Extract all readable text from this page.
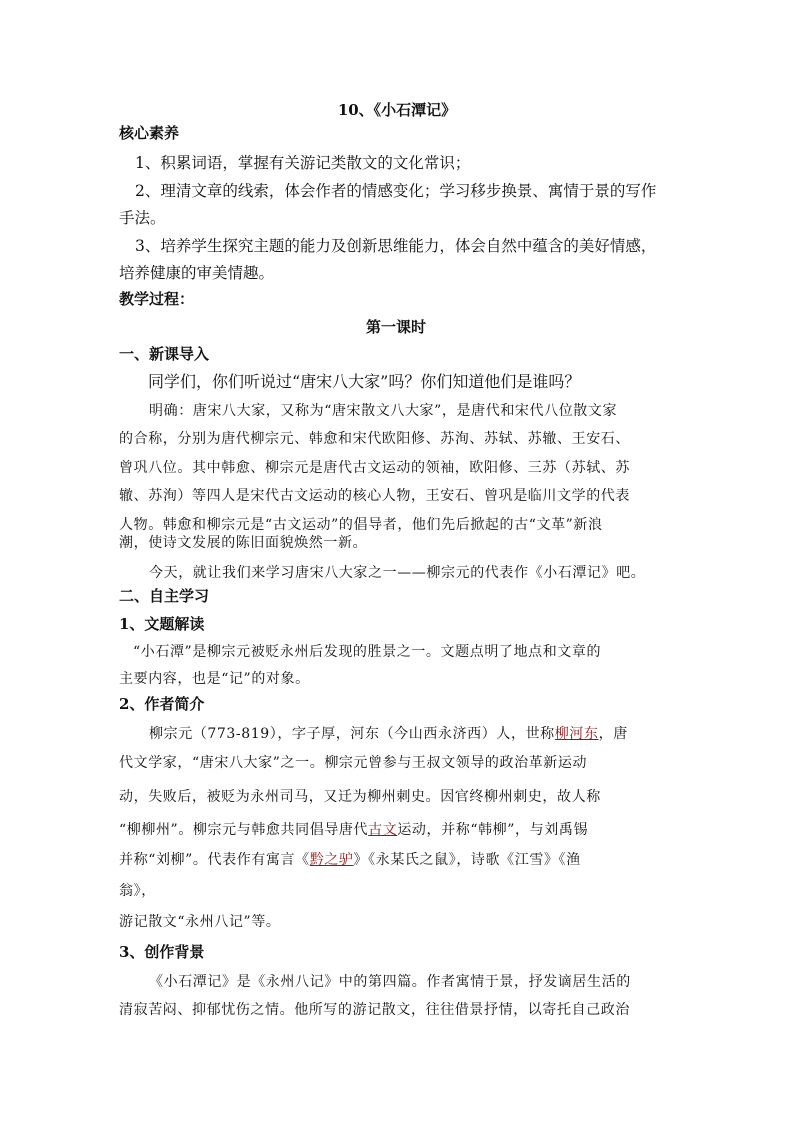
10、《小石潭记》
核心素养
1、积累词语，掌握有关游记类散文的文化常识；
2、理清文章的线索，体会作者的情感变化；学习移步换景、寓情于景的写作
手法。
3、培养学生探究主题的能力及创新思维能力，体会自然中蕴含的美好情感，
培养健康的审美情趣。
教学过程：
第一课时
一、新课导入
同学们，你们听说过“唐宋八大家”吗？你们知道他们是谁吗？
明确：唐宋八大家，又称为“唐宋散文八大家”，是唐代和宋代八位散文家
的合称，分别为唐代柳宗元、韩愈和宋代欧阳修、苏洵、苏轼、苏辙、王安石、
曾巩八位。其中韩愈、柳宗元是唐代古文运动的领袖，欧阳修、三苏（苏轼、苏
辙、苏洵）等四人是宋代古文运动的核心人物，王安石、曾巩是临川文学的代表
人物。韩愈和柳宗元是“古文运动”的倡导者，他们先后掀起的古“文革”新浪
潮，使诗文发展的陈旧面貌焕然一新。
今天，就让我们来学习唐宋八大家之一——柳宗元的代表作《小石潭记》吧。
二、自主学习
1、文题解读
“小石潭”是柳宗元被贬永州后发现的胜景之一。文题点明了地点和文章的
主要内容，也是“记”的对象。
2、作者简介
柳宗元（773-819），字子厚，河东（今山西永济西）人，世称柳河东，唐
代文学家，“唐宋八大家”之一。柳宗元曾参与王叔文领导的政治革新运动
动，失败后，被贬为永州司马，又迁为柳州刺史。因官终柳州刺史，故人称
“柳柳州”。柳宗元与韩愈共同倡导唐代古文运动，并称“韩柳”，与刘禹锡
并称“刘柳”。代表作有寓言《黔之驴》《永某氏之鼠》，诗歌《江雪》《渔
翁》，
游记散文“永州八记”等。
3、创作背景
《小石潭记》是《永州八记》中的第四篇。作者寓情于景，抒发谪居生活的
清寂苦闷、抑郁忧伤之情。他所写的游记散文，往往借景抒情，以寄托自己政治
